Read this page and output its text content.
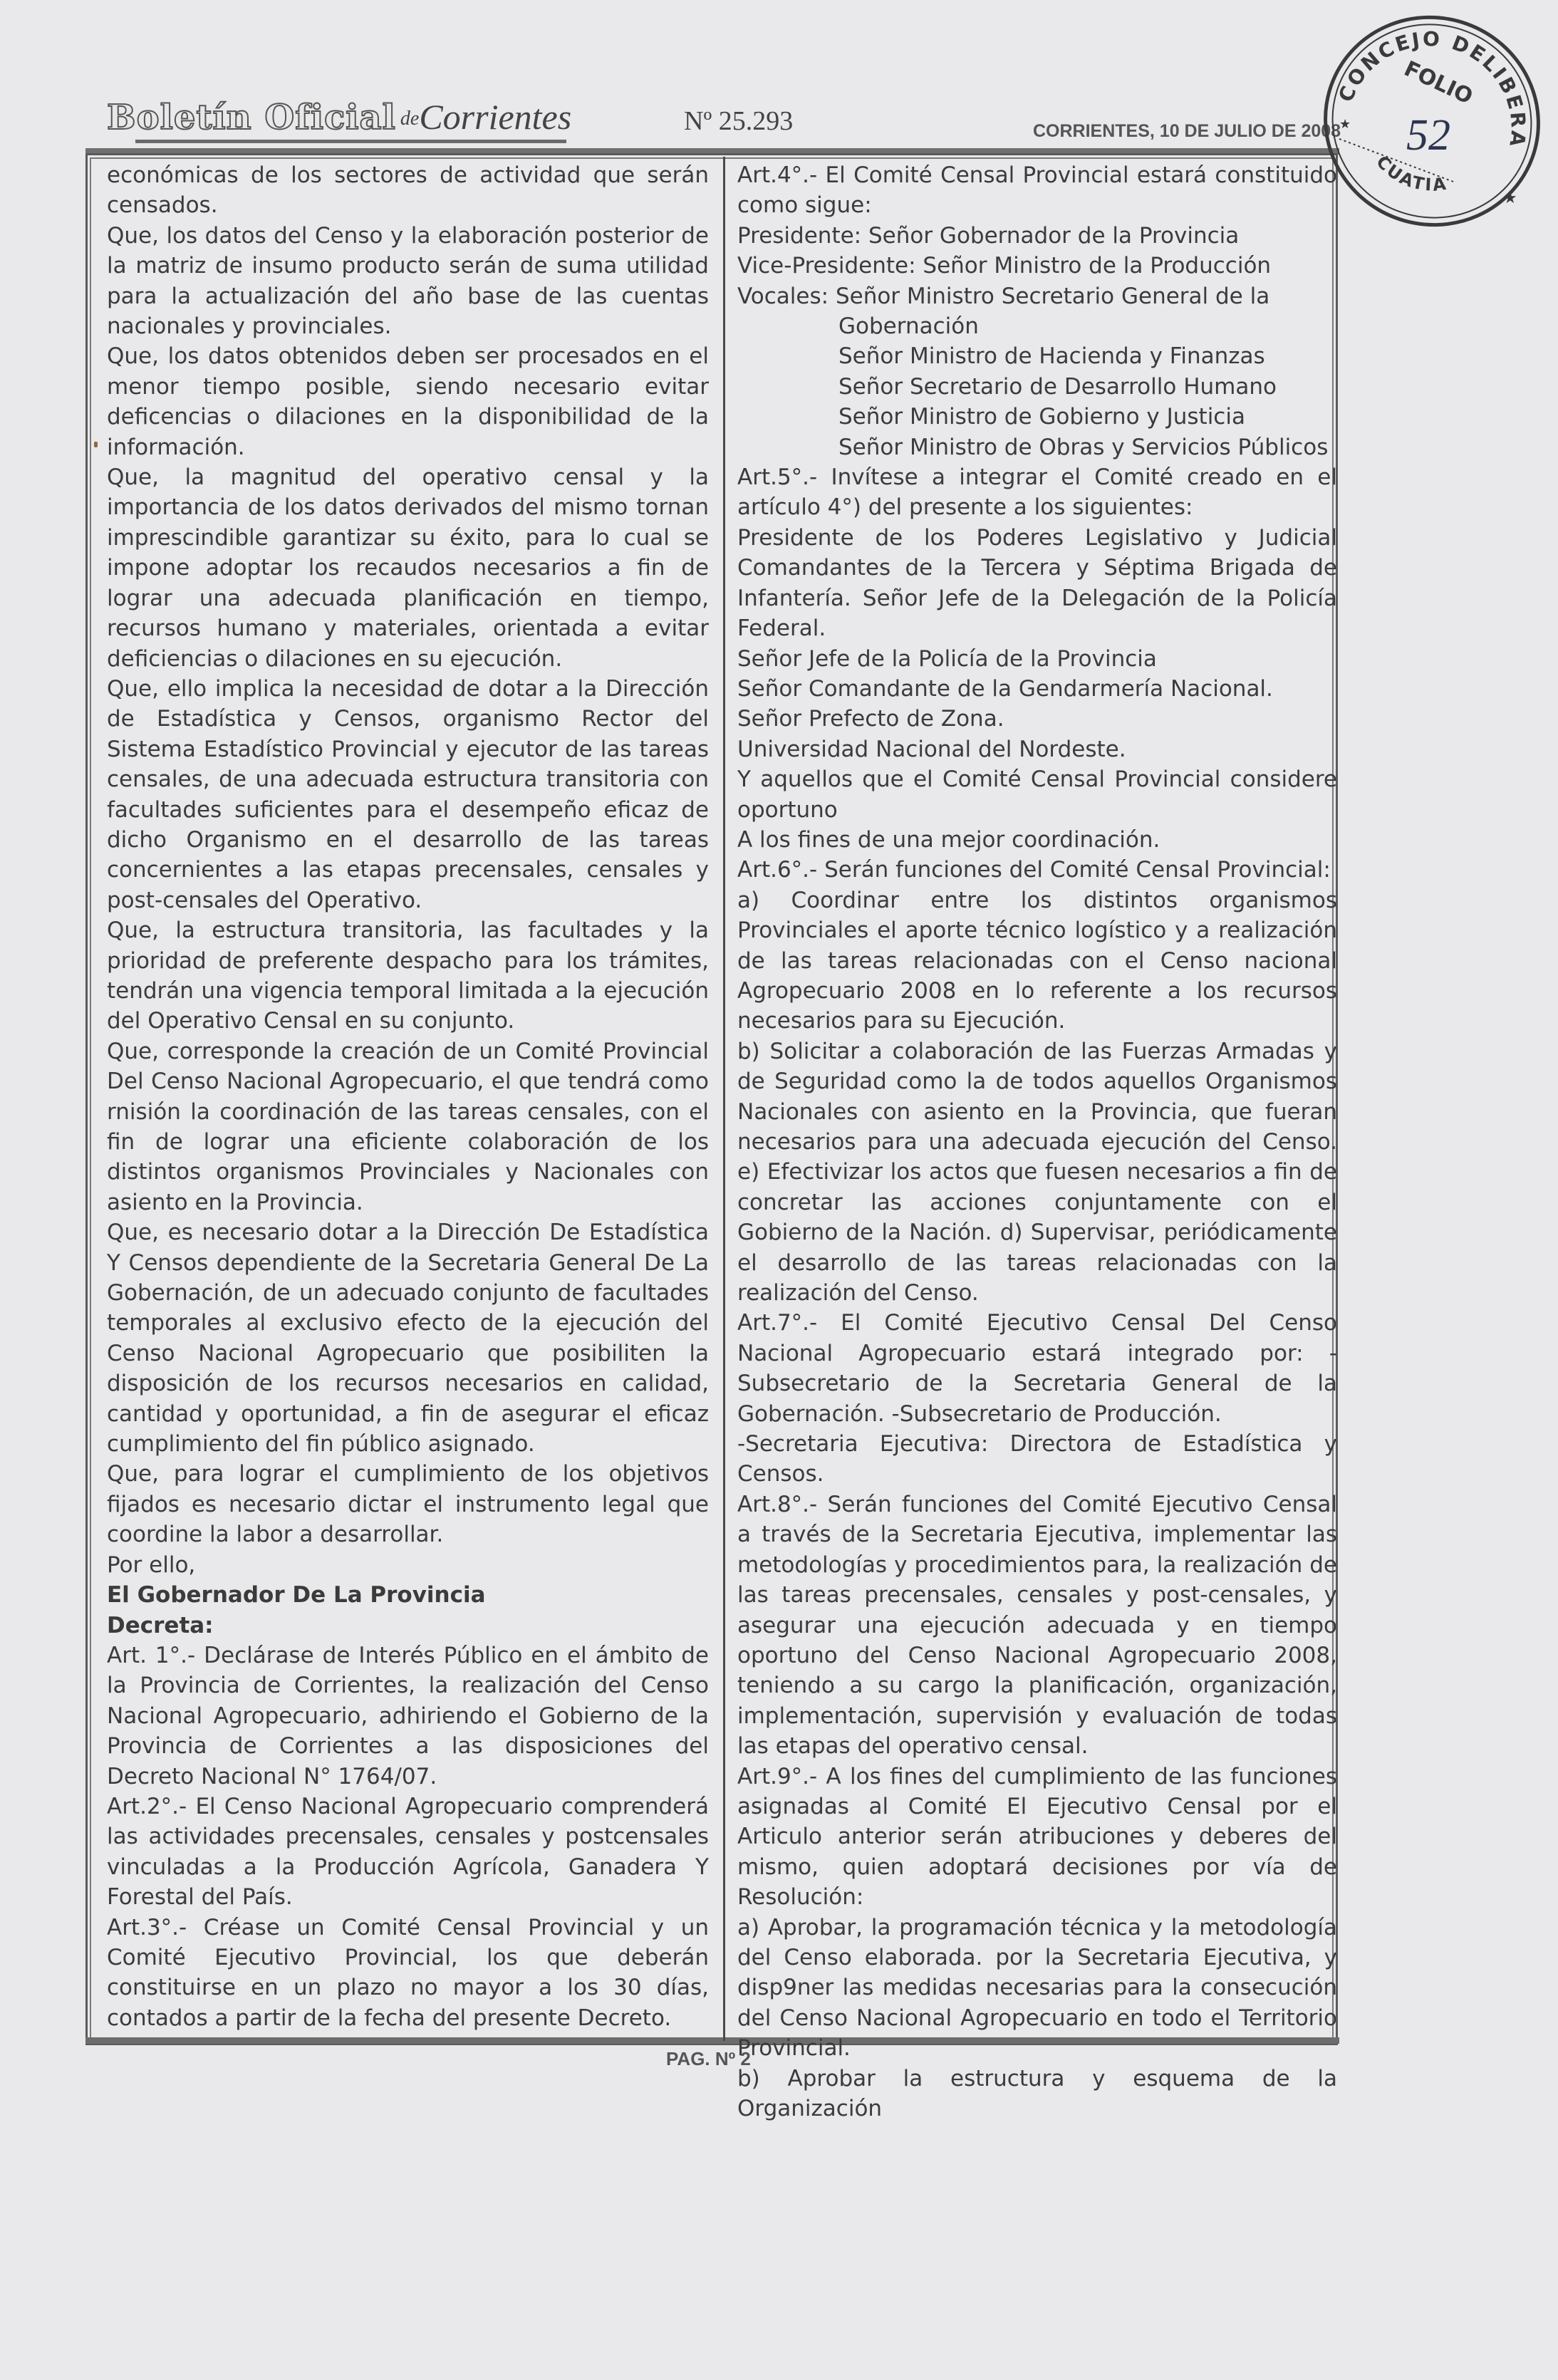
Boletín Oficial deCorrientes	Nº 25.293	CORRIENTES, 10 DE JULIO DE 2008

económicas de los sectores de actividad que serán censados.

Que, los datos del Censo y la elaboración posterior de la matriz de insumo producto serán de suma utilidad para la actualización del año base de las cuentas nacionales y provinciales.

Que, los datos obtenidos deben ser procesados en el menor tiempo posible, siendo necesario evitar deficencias o dilaciones en la disponibilidad de la información.

Que, la magnitud del operativo censal y la importancia de los datos derivados del mismo tornan imprescindible garantizar su éxito, para lo cual se impone adoptar los recaudos necesarios a fin de lograr una adecuada planificación en tiempo, recursos humano y materiales, orientada a evitar deficiencias o dilaciones en su ejecución.

Que, ello implica la necesidad de dotar a la Dirección de Estadística y Censos, organismo Rector del Sistema Estadístico Provincial y ejecutor de las tareas censales, de una adecuada estructura transitoria con facultades suficientes para el desempeño eficaz de dicho Organismo en el desarrollo de las tareas concernientes a las etapas precensales, censales y post-censales del Operativo.

Que, la estructura transitoria, las facultades y la prioridad de preferente despacho para los trámites, tendrán una vigencia temporal limitada a la ejecución del Operativo Censal en su conjunto.

Que, corresponde la creación de un Comité Provincial Del Censo Nacional Agropecuario, el que tendrá como rnisión la coordinación de las tareas censales, con el fin de lograr una eficiente colaboración de los distintos organismos Provinciales y Nacionales con asiento en la Provincia.

Que, es necesario dotar a la Dirección De Estadística Y Censos dependiente de la Secretaria General De La Gobernación, de un adecuado conjunto de facultades temporales al exclusivo efecto de la ejecución del Censo Nacional Agropecuario que posibiliten la disposición de los recursos necesarios en calidad, cantidad y oportunidad, a fin de asegurar el eficaz cumplimiento del fin público asignado.

Que, para lograr el cumplimiento de los objetivos fijados es necesario dictar el instrumento legal que coordine la labor a desarrollar.

Por ello,

El Gobernador De La Provincia

Decreta:

Art. 1°.- Declárase de Interés Público en el ámbito de la Provincia de Corrientes, la realización del Censo Nacional Agropecuario, adhiriendo el Gobierno de la Provincia de Corrientes a las disposiciones del Decreto Nacional N° 1764/07.

Art.2°.- El Censo Nacional Agropecuario comprenderá las actividades precensales, censales y postcensales vinculadas a la Producción Agrícola, Ganadera Y Forestal del País.

Art.3°.- Créase un Comité Censal Provincial y un Comité Ejecutivo Provincial, los que deberán constituirse en un plazo no mayor a los 30 días, contados a partir de la fecha del presente Decreto.

Art.4°.- El Comité Censal Provincial estará constituido como sigue:

Presidente: Señor Gobernador de la Provincia
Vice-Presidente: Señor Ministro de la Producción
Vocales: Señor Ministro Secretario General de la
Gobernación
Señor Ministro de Hacienda y Finanzas
Señor Secretario de Desarrollo Humano
Señor Ministro de Gobierno y Justicia
Señor Ministro de Obras y Servicios Públicos

Art.5°.- Invítese a integrar el Comité creado en el artículo 4°) del presente a los siguientes:

Presidente de los Poderes Legislativo y Judicial Comandantes de la Tercera y Séptima Brigada de Infantería. Señor Jefe de la Delegación de la Policía Federal.

Señor Jefe de la Policía de la Provincia

Señor Comandante de la Gendarmería Nacional.

Señor Prefecto de Zona.

Universidad Nacional del Nordeste.

Y aquellos que el Comité Censal Provincial considere oportuno

A los fines de una mejor coordinación.

Art.6°.- Serán funciones del Comité Censal Provincial:

a) Coordinar entre los distintos organismos Provinciales el aporte técnico logístico y a realización de las tareas relacionadas con el Censo nacional Agropecuario 2008 en lo referente a los recursos necesarios para su Ejecución.

b) Solicitar a colaboración de las Fuerzas Armadas y de Seguridad como la de todos aquellos Organismos Nacionales con asiento en la Provincia, que fueran necesarios para una adecuada ejecución del Censo. e) Efectivizar los actos que fuesen necesarios a fin de concretar las acciones conjuntamente con el Gobierno de la Nación. d) Supervisar, periódicamente el desarrollo de las tareas relacionadas con la realización del Censo.

Art.7°.- El Comité Ejecutivo Censal Del Censo Nacional Agropecuario estará integrado por: -Subsecretario de la Secretaria General de la Gobernación. -Subsecretario de Producción.

-Secretaria Ejecutiva: Directora de Estadística y Censos.

Art.8°.- Serán funciones del Comité Ejecutivo Censal a través de la Secretaria Ejecutiva, implementar las metodologías y procedimientos para, la realización de las tareas precensales, censales y post-censales, y asegurar una ejecución adecuada y en tiempo oportuno del Censo Nacional Agropecuario 2008, teniendo a su cargo la planificación, organización, implementación, supervisión y evaluación de todas las etapas del operativo censal.

Art.9°.- A los fines del cumplimiento de las funciones asignadas al Comité El Ejecutivo Censal por el Articulo anterior serán atribuciones y deberes del mismo, quien adoptará decisiones por vía de Resolución:

a) Aprobar, la programación técnica y la metodología del Censo elaborada. por la Secretaria Ejecutiva, y disp9ner las medidas necesarias para la consecución del Censo Nacional Agropecuario en todo el Territorio Provincial.

b) Aprobar la estructura y esquema de la Organización

PAG. Nº 2
CONCEJO DELIBERANTE
CUATIA
FOLIO
52
★
★
